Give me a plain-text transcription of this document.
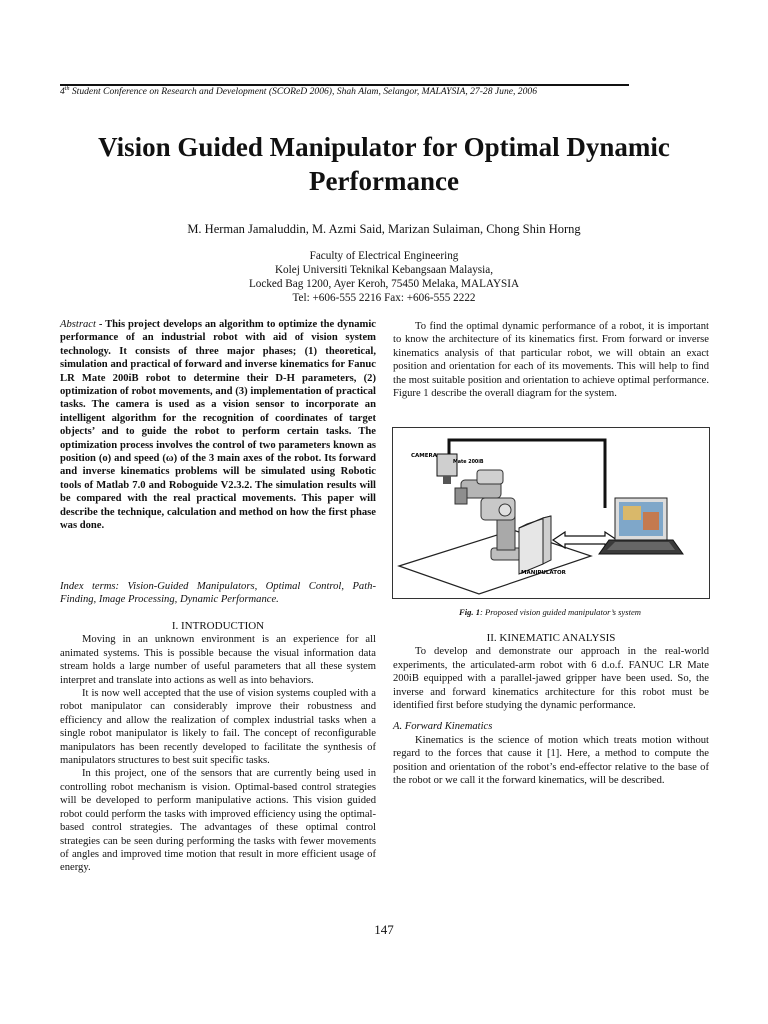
4th Student Conference on Research and Development (SCOReD 2006), Shah Alam, Selangor, MALAYSIA, 27-28 June, 2006
Vision Guided Manipulator for Optimal Dynamic Performance
M. Herman Jamaluddin, M. Azmi Said, Marizan Sulaiman, Chong Shin Horng
Faculty of Electrical Engineering
Kolej Universiti Teknikal Kebangsaan Malaysia,
Locked Bag 1200, Ayer Keroh, 75450 Melaka, MALAYSIA
Tel: +606-555 2216 Fax: +606-555 2222
Abstract - This project develops an algorithm to optimize the dynamic performance of an industrial robot with aid of vision system technology. It consists of three major phases; (1) theoretical, simulation and practical of forward and inverse kinematics for Fanuc LR Mate 200iB robot to determine their D-H parameters, (2) optimization of robot movements, and (3) implementation of practical tasks. The camera is used as a vision sensor to incorporate an intelligent algorithm for the recognition of coordinates of target objects’ and to guide the robot to perform certain tasks. The optimization process involves the control of two parameters known as position (o) and speed (ω) of the 3 main axes of the robot. Its forward and inverse kinematics problems will be simulated using Robotic tools of Matlab 7.0 and Roboguide V2.3.2. The simulation results will be compared with the real practical movements. This paper will describe the technique, calculation and method on how the first phase was done.
Index terms: Vision-Guided Manipulators, Optimal Control, Path-Finding, Image Processing, Dynamic Performance.
I. INTRODUCTION

Moving in an unknown environment is an experience for all animated systems. This is possible because the visual information data stream holds a large number of useful parameters that all these system interpret and translate into actions as well as into behaviors.

It is now well accepted that the use of vision systems coupled with a robot manipulator can considerably improve their robustness and efficiency and allow the realization of complex industrial tasks when a single robot manipulator is likely to fail. The concept of reconfigurable manipulators has been recently developed to facilitate the synthesis of manipulators structures to best suit specific tasks.

In this project, one of the sensors that are currently being used in controlling robot mechanism is vision. Optimal-based control strategies will be developed to perform manipulative actions. This vision guided robot could perform the tasks with improved efficiency using the optimal-based control strategies. The advantages of these optimal control strategies can be seen during performing the tasks with fewer movements of angles and improved time motion that result in more efficient usage of energy.

To find the optimal dynamic performance of a robot, it is important to know the architecture of its kinematics first. From forward or inverse kinematics analysis of that particular robot, we will obtain an exact position and orientation for each of its movements. This will help to find the most suitable position and orientation to achieve optimal performance. Figure 1 describe the overall diagram for the system.

CAMERA
Mate 200iB
MANIPULATOR
Fig. 1: Proposed vision guided manipulator’s system
II. KINEMATIC ANALYSIS

To develop and demonstrate our approach in the real-world experiments, the articulated-arm robot with 6 d.o.f. FANUC LR Mate 200iB equipped with a parallel-jawed gripper have been used. So, the inverse and forward kinematics architecture for this robot must be identified first before studying the dynamic performance.

A. Forward Kinematics

Kinematics is the science of motion which treats motion without regard to the forces that cause it [1]. Here, a method to compute the position and orientation of the robot’s end-effector relative to the base of the robot or we call it the forward kinematics, will be described.

147
